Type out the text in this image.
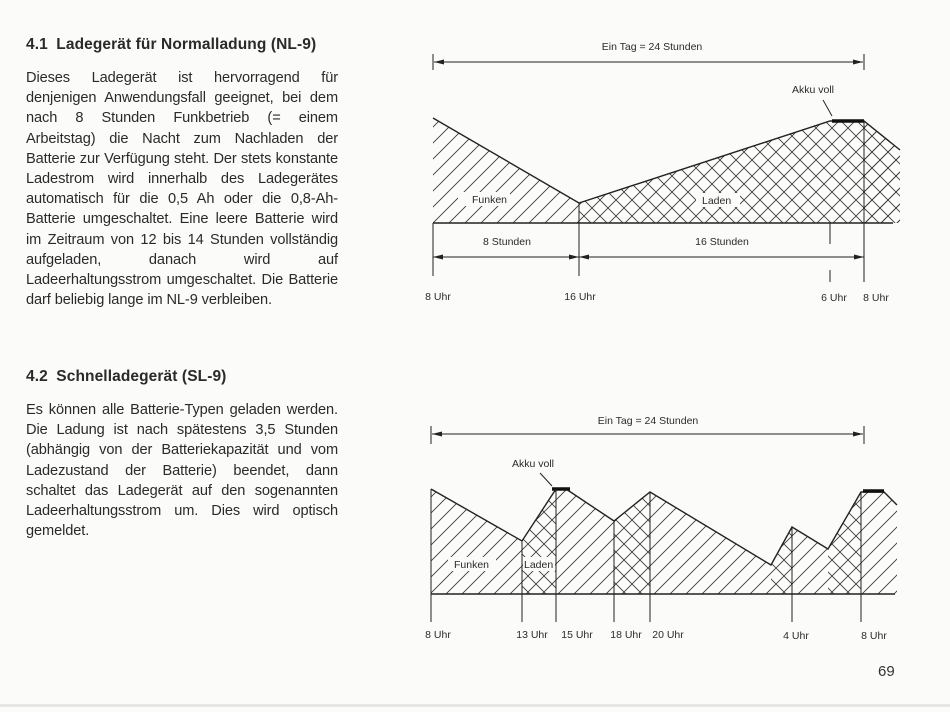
4.1 Ladegerät für Normalladung (NL-9)

Dieses Ladegerät ist hervorragend für denjenigen Anwendungsfall geeignet, bei dem nach 8 Stunden Funkbetrieb (= einem Arbeitstag) die Nacht zum Nachladen der Batterie zur Verfügung steht. Der stets konstante Ladestrom wird innerhalb des Ladegerätes automatisch für die 0,5 Ah oder die 0,8-Ah-Batterie umgeschaltet. Eine leere Batterie wird im Zeitraum von 12 bis 14 Stunden vollständig aufgeladen, danach wird auf Ladeerhaltungsstrom umgeschaltet. Die Batterie darf beliebig lange im NL-9 verbleiben.

4.2 Schnelladegerät (SL-9)

Es können alle Batterie-Typen geladen werden. Die Ladung ist nach spätestens 3,5 Stunden (abhängig von der Batteriekapazität und vom Ladezustand der Batterie) beendet, dann schaltet das Ladegerät auf den sogenannten Ladeerhaltungsstrom um. Dies wird optisch gemeldet.

Ein Tag = 24 Stunden
Funken	Laden
Akku voll
8 Stunden	16 Stunden
8 Uhr	16 Uhr	6 Uhr 8 Uhr
Ein Tag = 24 Stunden
Funken	Laden
Akku voll
8 Uhr	13 Uhr 15 Uhr 18 Uhr 20 Uhr	4 Uhr	8 Uhr
69
